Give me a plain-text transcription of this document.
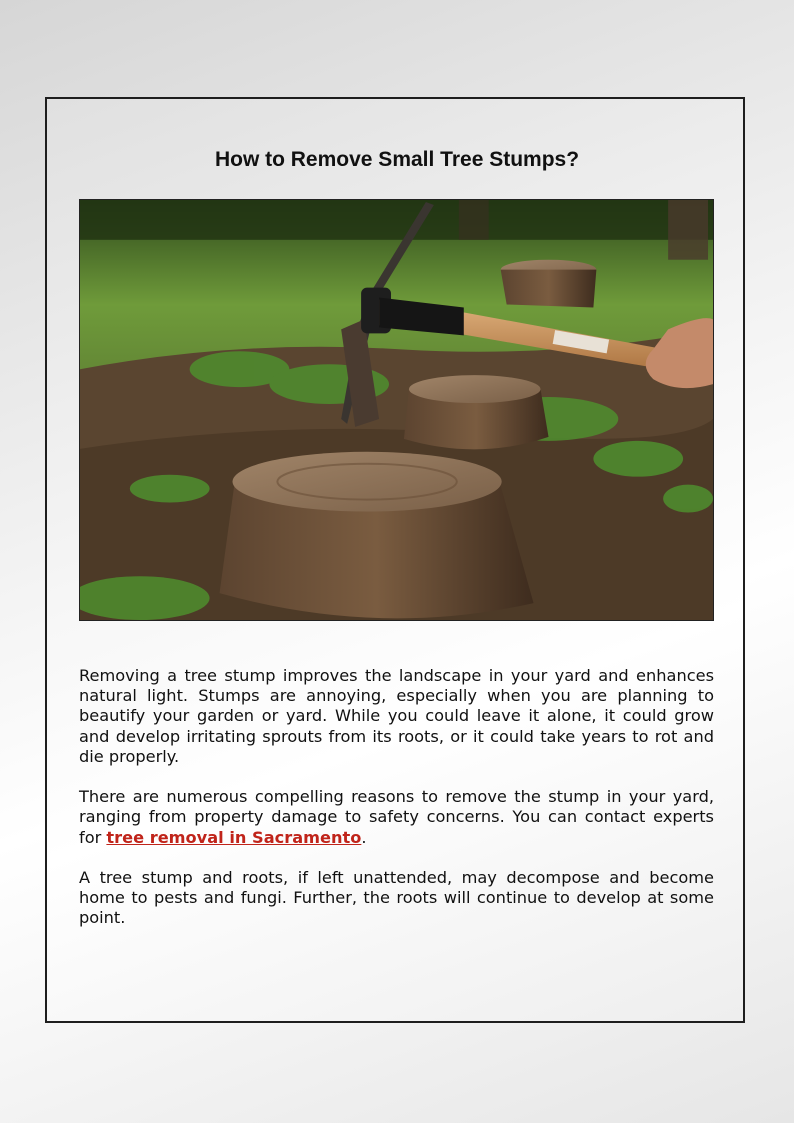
How to Remove Small Tree Stumps?

Removing a tree stump improves the landscape in your yard and enhances natural light. Stumps are annoying, especially when you are planning to beautify your garden or yard. While you could leave it alone, it could grow and develop irritating sprouts from its roots, or it could take years to rot and die properly.

There are numerous compelling reasons to remove the stump in your yard, ranging from property damage to safety concerns. You can contact experts for tree removal in Sacramento.

A tree stump and roots, if left unattended, may decompose and become home to pests and fungi. Further, the roots will continue to develop at some point.
